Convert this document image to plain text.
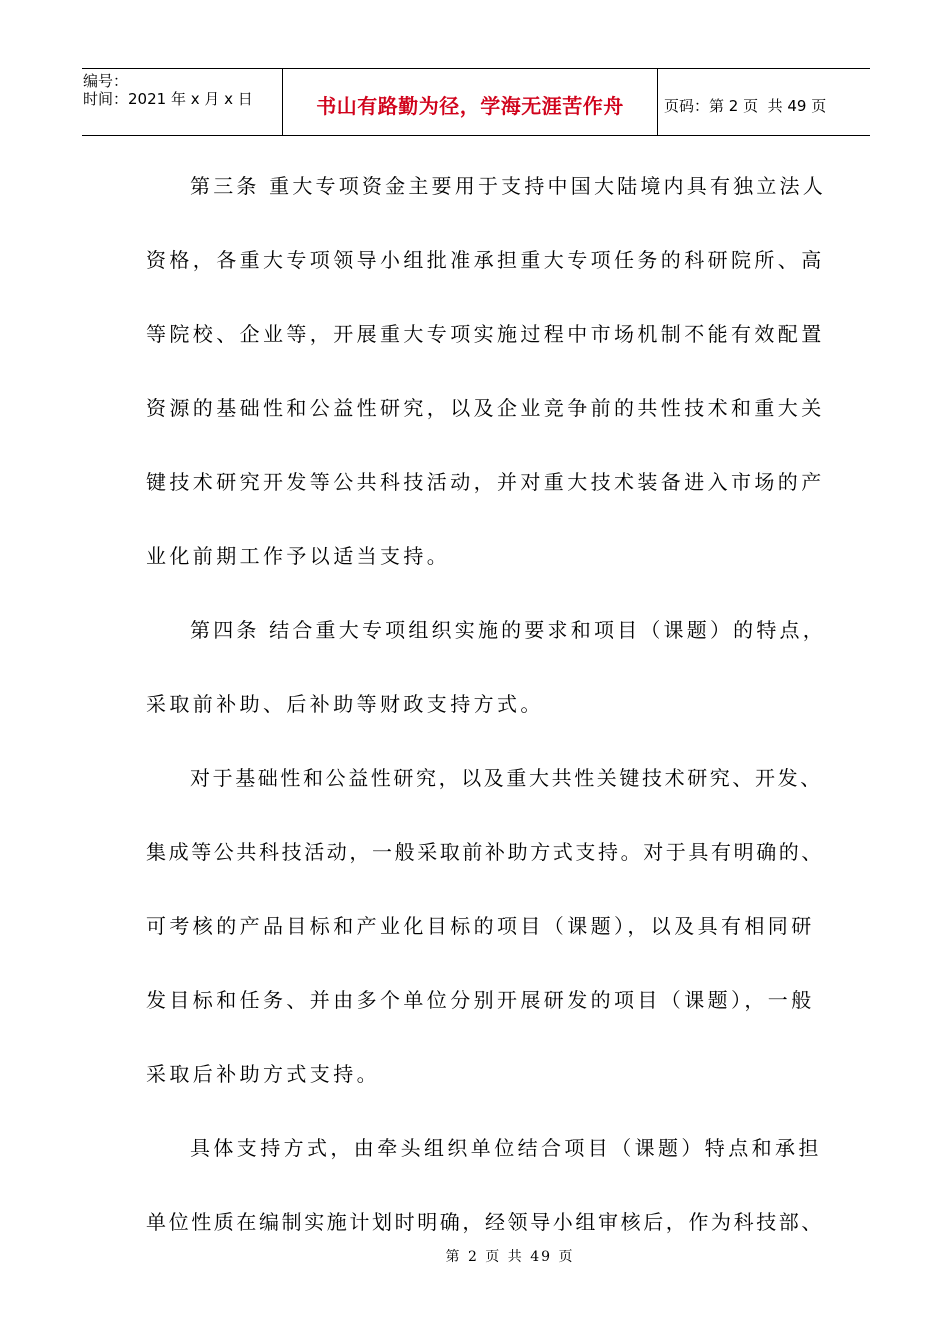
编号：
时间：2021 年 x 月 x 日	书山有路勤为径，学海无涯苦作舟	页码：第 2 页  共 49 页
第三条 重大专项资金主要用于支持中国大陆境内具有独立法人
资格，各重大专项领导小组批准承担重大专项任务的科研院所、高
等院校、企业等，开展重大专项实施过程中市场机制不能有效配置
资源的基础性和公益性研究，以及企业竞争前的共性技术和重大关
键技术研究开发等公共科技活动，并对重大技术装备进入市场的产
业化前期工作予以适当支持。
第四条 结合重大专项组织实施的要求和项目（课题）的特点，
采取前补助、后补助等财政支持方式。
对于基础性和公益性研究，以及重大共性关键技术研究、开发、
集成等公共科技活动，一般采取前补助方式支持。对于具有明确的、
可考核的产品目标和产业化目标的项目（课题），以及具有相同研
发目标和任务、并由多个单位分别开展研发的项目（课题），一般
采取后补助方式支持。
具体支持方式，由牵头组织单位结合项目（课题）特点和承担
单位性质在编制实施计划时明确，经领导小组审核后，作为科技部、
第 2 页 共 49 页
